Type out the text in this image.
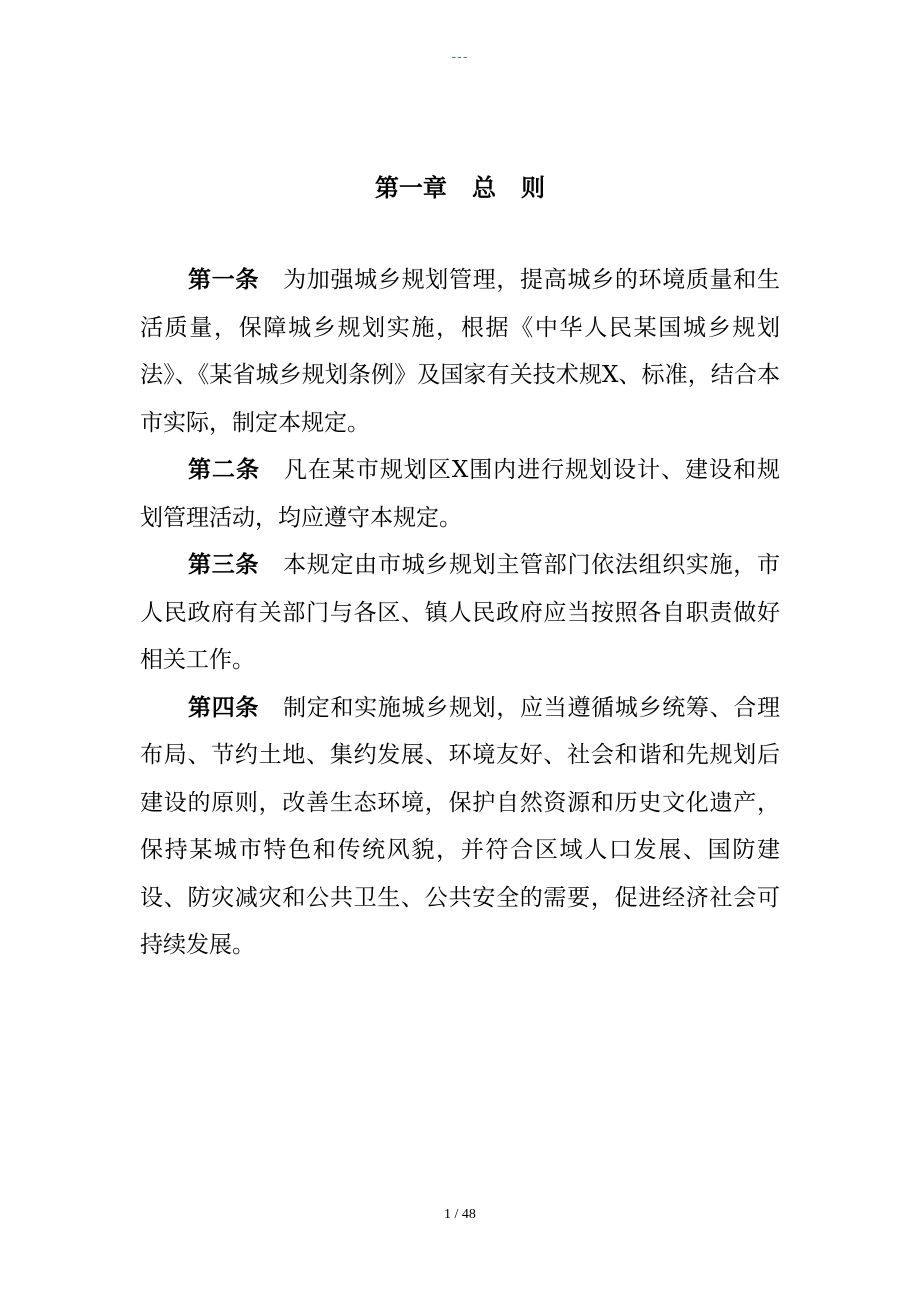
---
第一章   总   则

第一条 为加强城乡规划管理，提高城乡的环境质量和生活质量，保障城乡规划实施，根据《中华人民某国城乡规划法》、《某省城乡规划条例》及国家有关技术规X、标准，结合本市实际，制定本规定。

第二条 凡在某市规划区X围内进行规划设计、建设和规划管理活动，均应遵守本规定。

第三条 本规定由市城乡规划主管部门依法组织实施，市人民政府有关部门与各区、镇人民政府应当按照各自职责做好相关工作。

第四条 制定和实施城乡规划，应当遵循城乡统筹、合理布局、节约土地、集约发展、环境友好、社会和谐和先规划后建设的原则，改善生态环境，保护自然资源和历史文化遗产，保持某城市特色和传统风貌，并符合区域人口发展、国防建设、防灾减灾和公共卫生、公共安全的需要，促进经济社会可持续发展。

1 / 48
